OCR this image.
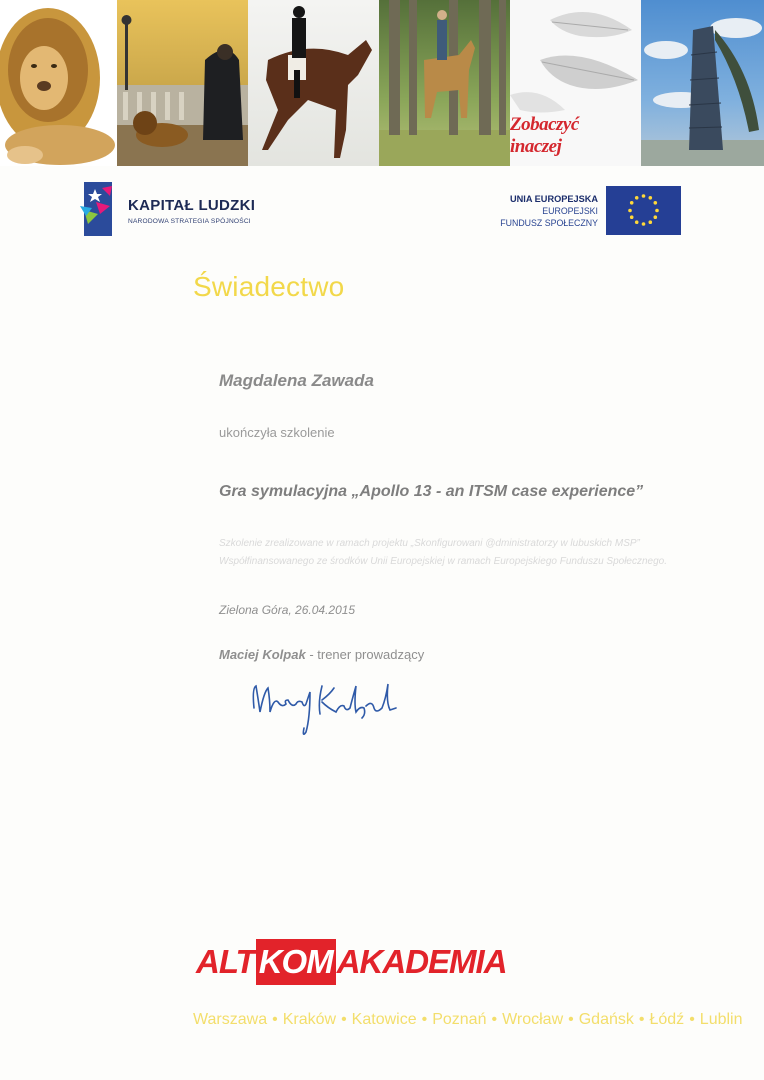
Zobaczyć inaczej
KAPITAŁ LUDZKI
NARODOWA STRATEGIA SPÓJNOŚCI
UNIA EUROPEJSKA
EUROPEJSKI
FUNDUSZ SPOŁECZNY
Świadectwo
Magdalena Zawada
ukończyła szkolenie
Gra symulacyjna „Apollo 13 - an ITSM case experience”
Szkolenie zrealizowane w ramach projektu „Skonfigurowani @dministratorzy w lubuskich MSP”
Współfinansowanego ze środków Unii Europejskiej w ramach Europejskiego Funduszu Społecznego.
Zielona Góra, 26.04.2015
Maciej Kolpak - trener prowadzący
ALT KOM AKADEMIA
Warszawa • Kraków • Katowice • Poznań • Wrocław • Gdańsk • Łódź • Lublin
